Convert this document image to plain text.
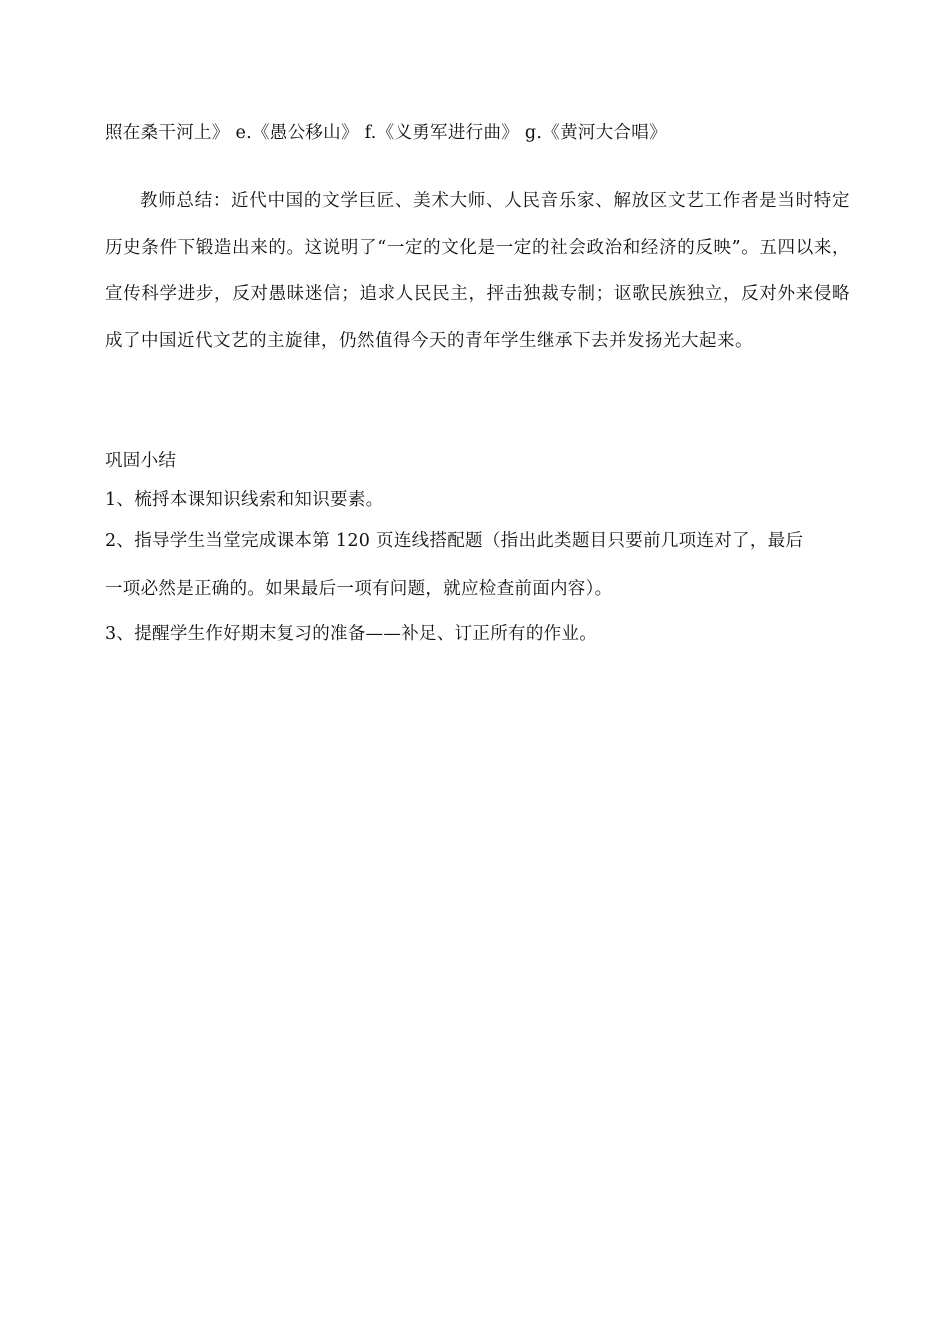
照在桑干河上》 e.《愚公移山》 f.《义勇军进行曲》 g.《黄河大合唱》
教师总结：近代中国的文学巨匠、美术大师、人民音乐家、解放区文艺工作者是当时特定历史条件下锻造出来的。这说明了“一定的文化是一定的社会政治和经济的反映”。五四以来，宣传科学进步，反对愚昧迷信；追求人民民主，抨击独裁专制；讴歌民族独立，反对外来侵略成了中国近代文艺的主旋律，仍然值得今天的青年学生继承下去并发扬光大起来。
巩固小结
1、梳捋本课知识线索和知识要素。
2、指导学生当堂完成课本第 120 页连线搭配题（指出此类题目只要前几项连对了，最后
一项必然是正确的。如果最后一项有问题，就应检查前面内容）。
3、提醒学生作好期末复习的准备——补足、订正所有的作业。
